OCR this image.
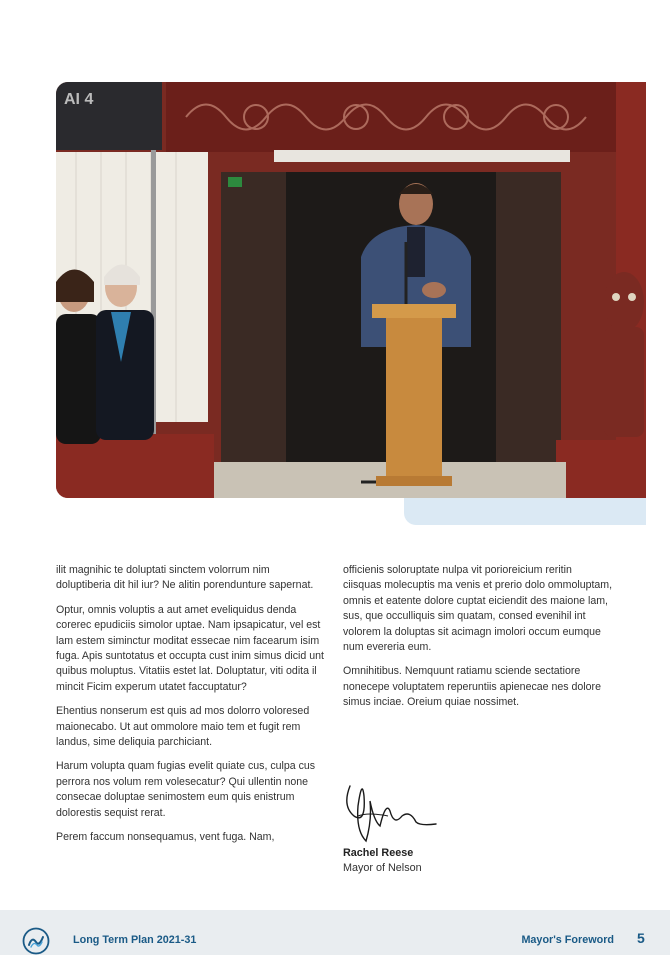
AI 4

ilit magnihic te doluptati sinctem volorrum nim doluptiberia dit hil iur? Ne alitin porendunture sapernat.

Optur, omnis voluptis a aut amet eveliquidus denda corerec epudiciis simolor uptae. Nam ipsapicatur, vel est lam estem siminctur moditat essecae nim facearum isim fuga. Apis suntotatus et occupta cust inim simus dicid unt quibus moluptus. Vitatiis estet lat. Doluptatur, viti odita il mincit Ficim experum utatet faccuptatur?

Ehentius nonserum est quis ad mos dolorro voloresed maionecabo. Ut aut ommolore maio tem et fugit rem landus, sime deliquia parchiciant.

Harum volupta quam fugias evelit quiate cus, culpa cus perrora nos volum rem volesecatur? Qui ullentin none consecae doluptae senimostem eum quis enistrum dolorestis sequist rerat.

Perem faccum nonsequamus, vent fuga. Nam,

officienis soloruptate nulpa vit porioreicium reritin ciisquas molecuptis ma venis et prerio dolo ommoluptam, omnis et eatente dolore cuptat eiciendit des maione lam, sus, que occulliquis sim quatam, consed evenihil int volorem la doluptas sit acimagn imolori occum eumque num evereria eum.

Omnihitibus. Nemquunt ratiamu sciende sectatiore nonecepe voluptatem reperuntiis apienecae nes dolore simus inciae. Oreium quiae nossimet.

Rachel Reese
Mayor of Nelson
Long Term Plan 2021-31	Mayor's Foreword 5
